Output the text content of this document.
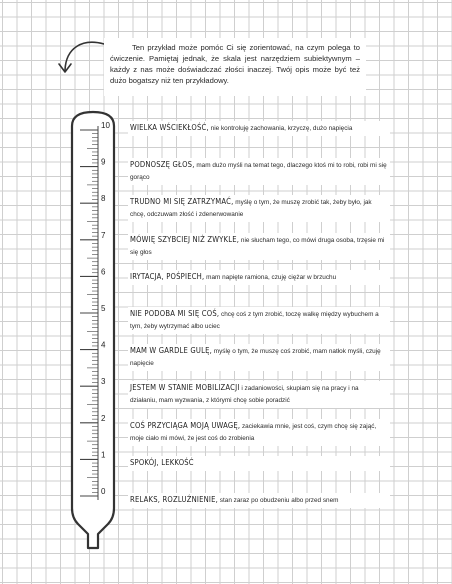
Ten przykład może pomóc Ci się zorientować, na czym polega to ćwiczenie. Pamiętaj jednak, że skala jest narzędziem subiektywnym – każdy z nas może doświadczać złości inaczej. Twój opis może być też dużo bogatszy niż ten przykładowy.

10
9
8
7
6
5
4
3
2
1
0
WIELKA WŚCIEKŁOŚĆ, nie kontroluję zachowania, krzyczę, dużo napięcia
PODNOSZĘ GŁOS, mam dużo myśli na temat tego, dlaczego ktoś mi to robi, robi mi się gorąco
TRUDNO MI SIĘ ZATRZYMAĆ, myślę o tym, że muszę zrobić tak, żeby było, jak chcę, odczuwam złość i zdenerwowanie
MÓWIĘ SZYBCIEJ NIŻ ZWYKLE, nie słucham tego, co mówi druga osoba, trzęsie mi się głos
IRYTACJA, POŚPIECH, mam napięte ramiona, czuję ciężar w brzuchu
NIE PODOBA MI SIĘ COŚ, chcę coś z tym zrobić, toczę walkę między wybuchem a tym, żeby wytrzymać albo uciec
MAM W GARDLE GULĘ, myślę o tym, że muszę coś zrobić, mam natłok myśli, czuję napięcie
JESTEM W STANIE MOBILIZACJI i zadaniowości, skupiam się na pracy i na działaniu, mam wyzwania, z którymi chcę sobie poradzić
COŚ PRZYCIĄGA MOJĄ UWAGĘ, zaciekawia mnie, jest coś, czym chcę się zająć, moje ciało mi mówi, że jest coś do zrobienia
SPOKÓJ, LEKKOŚĆ
RELAKS, ROZLUŹNIENIE, stan zaraz po obudzeniu albo przed snem
